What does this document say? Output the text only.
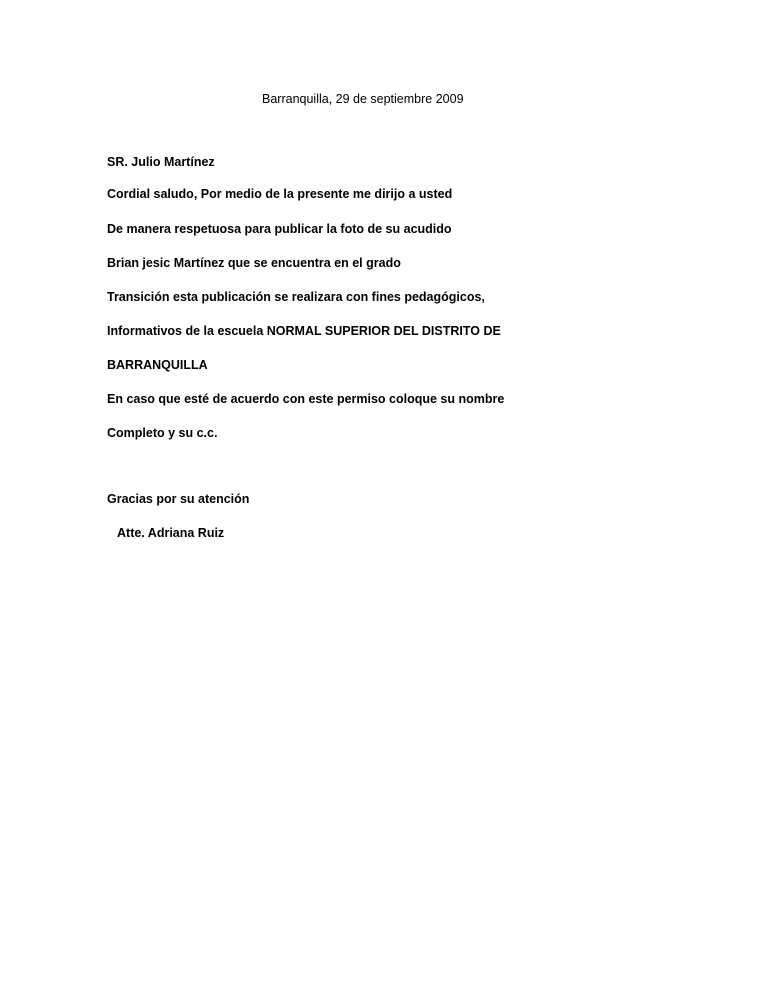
Barranquilla, 29 de septiembre 2009
SR. Julio Martínez
Cordial saludo, Por medio de la presente me dirijo a usted
De manera respetuosa para publicar la foto de su acudido
Brian jesic Martínez que se encuentra en el grado
Transición esta publicación se realizara con fines pedagógicos,
Informativos de la escuela NORMAL SUPERIOR DEL DISTRITO DE
BARRANQUILLA
En caso que esté de acuerdo con este permiso coloque su nombre
Completo y su c.c.
Gracias por su atención
Atte. Adriana Ruiz
